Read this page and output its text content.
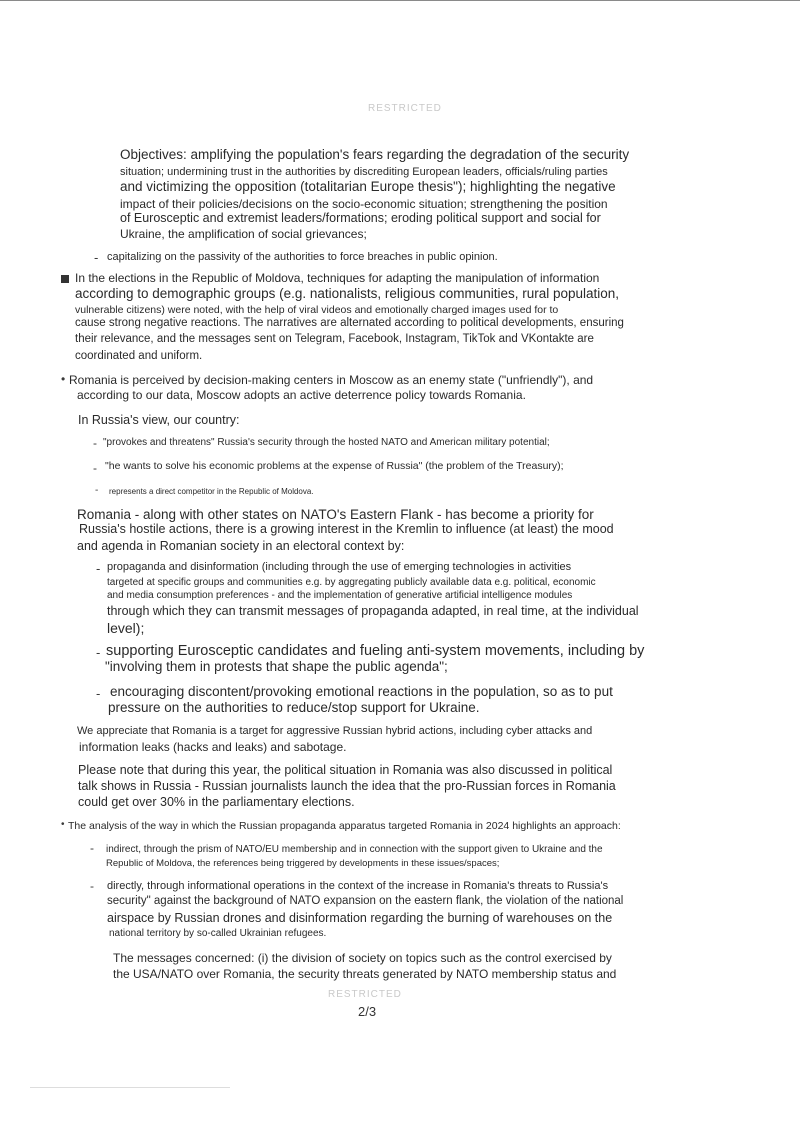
RESTRICTED
Objectives: amplifying the population's fears regarding the degradation of the security
situation; undermining trust in the authorities by discrediting European leaders, officials/ruling parties
and victimizing the opposition (totalitarian Europe thesis"); highlighting the negative
impact of their policies/decisions on the socio-economic situation; strengthening the position
of Eurosceptic and extremist leaders/formations; eroding political support and social for
Ukraine, the amplification of social grievances;
- capitalizing on the passivity of the authorities to force breaches in public opinion.
In the elections in the Republic of Moldova, techniques for adapting the manipulation of information
according to demographic groups (e.g. nationalists, religious communities, rural population,
vulnerable citizens) were noted, with the help of viral videos and emotionally charged images used for to
cause strong negative reactions. The narratives are alternated according to political developments, ensuring
their relevance, and the messages sent on Telegram, Facebook, Instagram, TikTok and VKontakte are
coordinated and uniform.
• Romania is perceived by decision-making centers in Moscow as an enemy state ("unfriendly"), and
according to our data, Moscow adopts an active deterrence policy towards Romania.
In Russia's view, our country:
- "provokes and threatens" Russia's security through the hosted NATO and American military potential;
- "he wants to solve his economic problems at the expense of Russia" (the problem of the Treasury);
- represents a direct competitor in the Republic of Moldova.
Romania - along with other states on NATO's Eastern Flank - has become a priority for
Russia's hostile actions, there is a growing interest in the Kremlin to influence (at least) the mood
and agenda in Romanian society in an electoral context by:
- propaganda and disinformation (including through the use of emerging technologies in activities
targeted at specific groups and communities e.g. by aggregating publicly available data e.g. political, economic
and media consumption preferences - and the implementation of generative artificial intelligence modules
through which they can transmit messages of propaganda adapted, in real time, at the individual
level);
- supporting Eurosceptic candidates and fueling anti-system movements, including by
"involving them in protests that shape the public agenda";
- encouraging discontent/provoking emotional reactions in the population, so as to put
pressure on the authorities to reduce/stop support for Ukraine.
We appreciate that Romania is a target for aggressive Russian hybrid actions, including cyber attacks and
information leaks (hacks and leaks) and sabotage.
Please note that during this year, the political situation in Romania was also discussed in political
talk shows in Russia - Russian journalists launch the idea that the pro-Russian forces in Romania
could get over 30% in the parliamentary elections.
• The analysis of the way in which the Russian propaganda apparatus targeted Romania in 2024 highlights an approach:
- indirect, through the prism of NATO/EU membership and in connection with the support given to Ukraine and the
Republic of Moldova, the references being triggered by developments in these issues/spaces;
- directly, through informational operations in the context of the increase in Romania's threats to Russia's
security" against the background of NATO expansion on the eastern flank, the violation of the national
airspace by Russian drones and disinformation regarding the burning of warehouses on the
national territory by so-called Ukrainian refugees.
The messages concerned: (i) the division of society on topics such as the control exercised by
the USA/NATO over Romania, the security threats generated by NATO membership status and
RESTRICTED
2/3
